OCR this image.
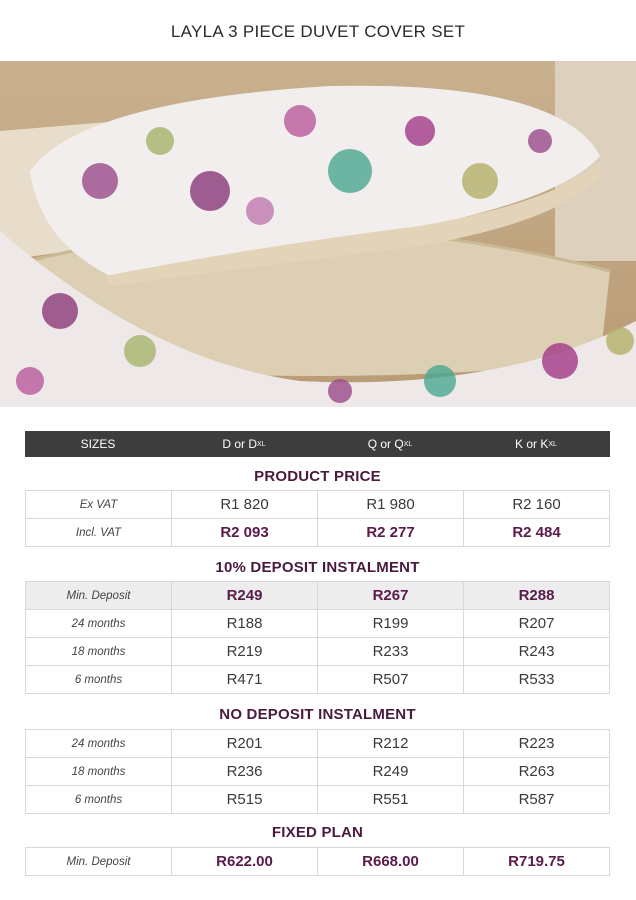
LAYLA 3 PIECE DUVET COVER SET
SIZES	D or D XL	Q or Q XL	K or K XL
PRODUCT PRICE
Ex VAT	R1 820	R1 980	R2 160
Incl. VAT	R2 093	R2 277	R2 484
10% DEPOSIT INSTALMENT
Min. Deposit	R249	R267	R288
24 months	R188	R199	R207
18 months	R219	R233	R243
6 months	R471	R507	R533
NO DEPOSIT INSTALMENT
24 months	R201	R212	R223
18 months	R236	R249	R263
6 months	R515	R551	R587
FIXED PLAN
Min. Deposit	R622.00	R668.00	R719.75
